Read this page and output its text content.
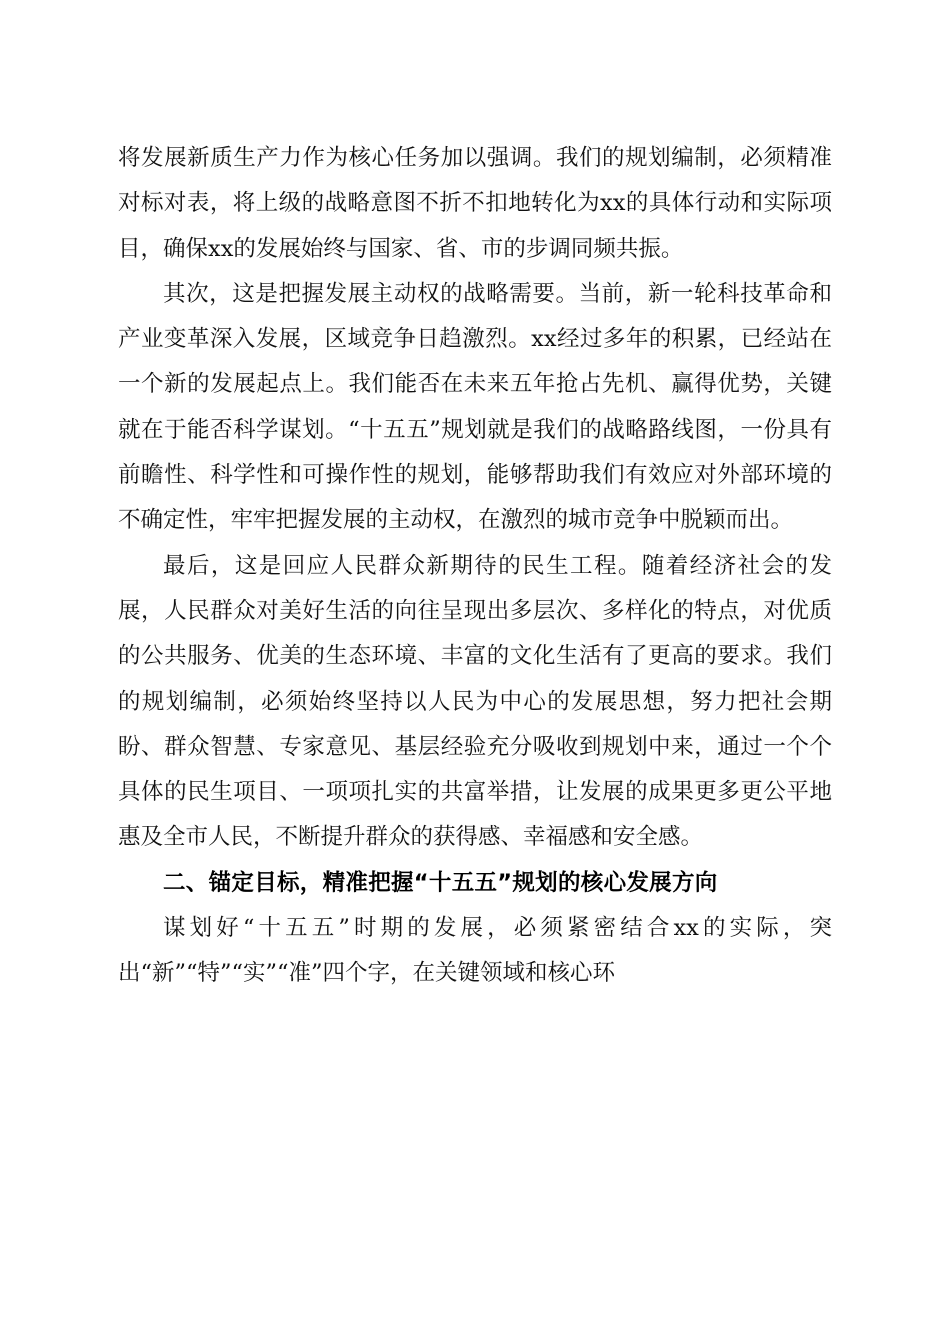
将发展新质生产力作为核心任务加以强调。我们的规划编制，必须精准对标对表，将上级的战略意图不折不扣地转化为xx的具体行动和实际项目，确保xx的发展始终与国家、省、市的步调同频共振。

其次，这是把握发展主动权的战略需要。当前，新一轮科技革命和产业变革深入发展，区域竞争日趋激烈。xx经过多年的积累，已经站在一个新的发展起点上。我们能否在未来五年抢占先机、赢得优势，关键就在于能否科学谋划。“十五五”规划就是我们的战略路线图，一份具有前瞻性、科学性和可操作性的规划，能够帮助我们有效应对外部环境的不确定性，牢牢把握发展的主动权，在激烈的城市竞争中脱颖而出。

最后，这是回应人民群众新期待的民生工程。随着经济社会的发展，人民群众对美好生活的向往呈现出多层次、多样化的特点，对优质的公共服务、优美的生态环境、丰富的文化生活有了更高的要求。我们的规划编制，必须始终坚持以人民为中心的发展思想，努力把社会期盼、群众智慧、专家意见、基层经验充分吸收到规划中来，通过一个个具体的民生项目、一项项扎实的共富举措，让发展的成果更多更公平地惠及全市人民，不断提升群众的获得感、幸福感和安全感。

二、锚定目标，精准把握“十五五”规划的核心发展方向

谋划好“十五五”时期的发展，必须紧密结合xx的实际，突出“新”“特”“实”“准”四个字，在关键领域和核心环
